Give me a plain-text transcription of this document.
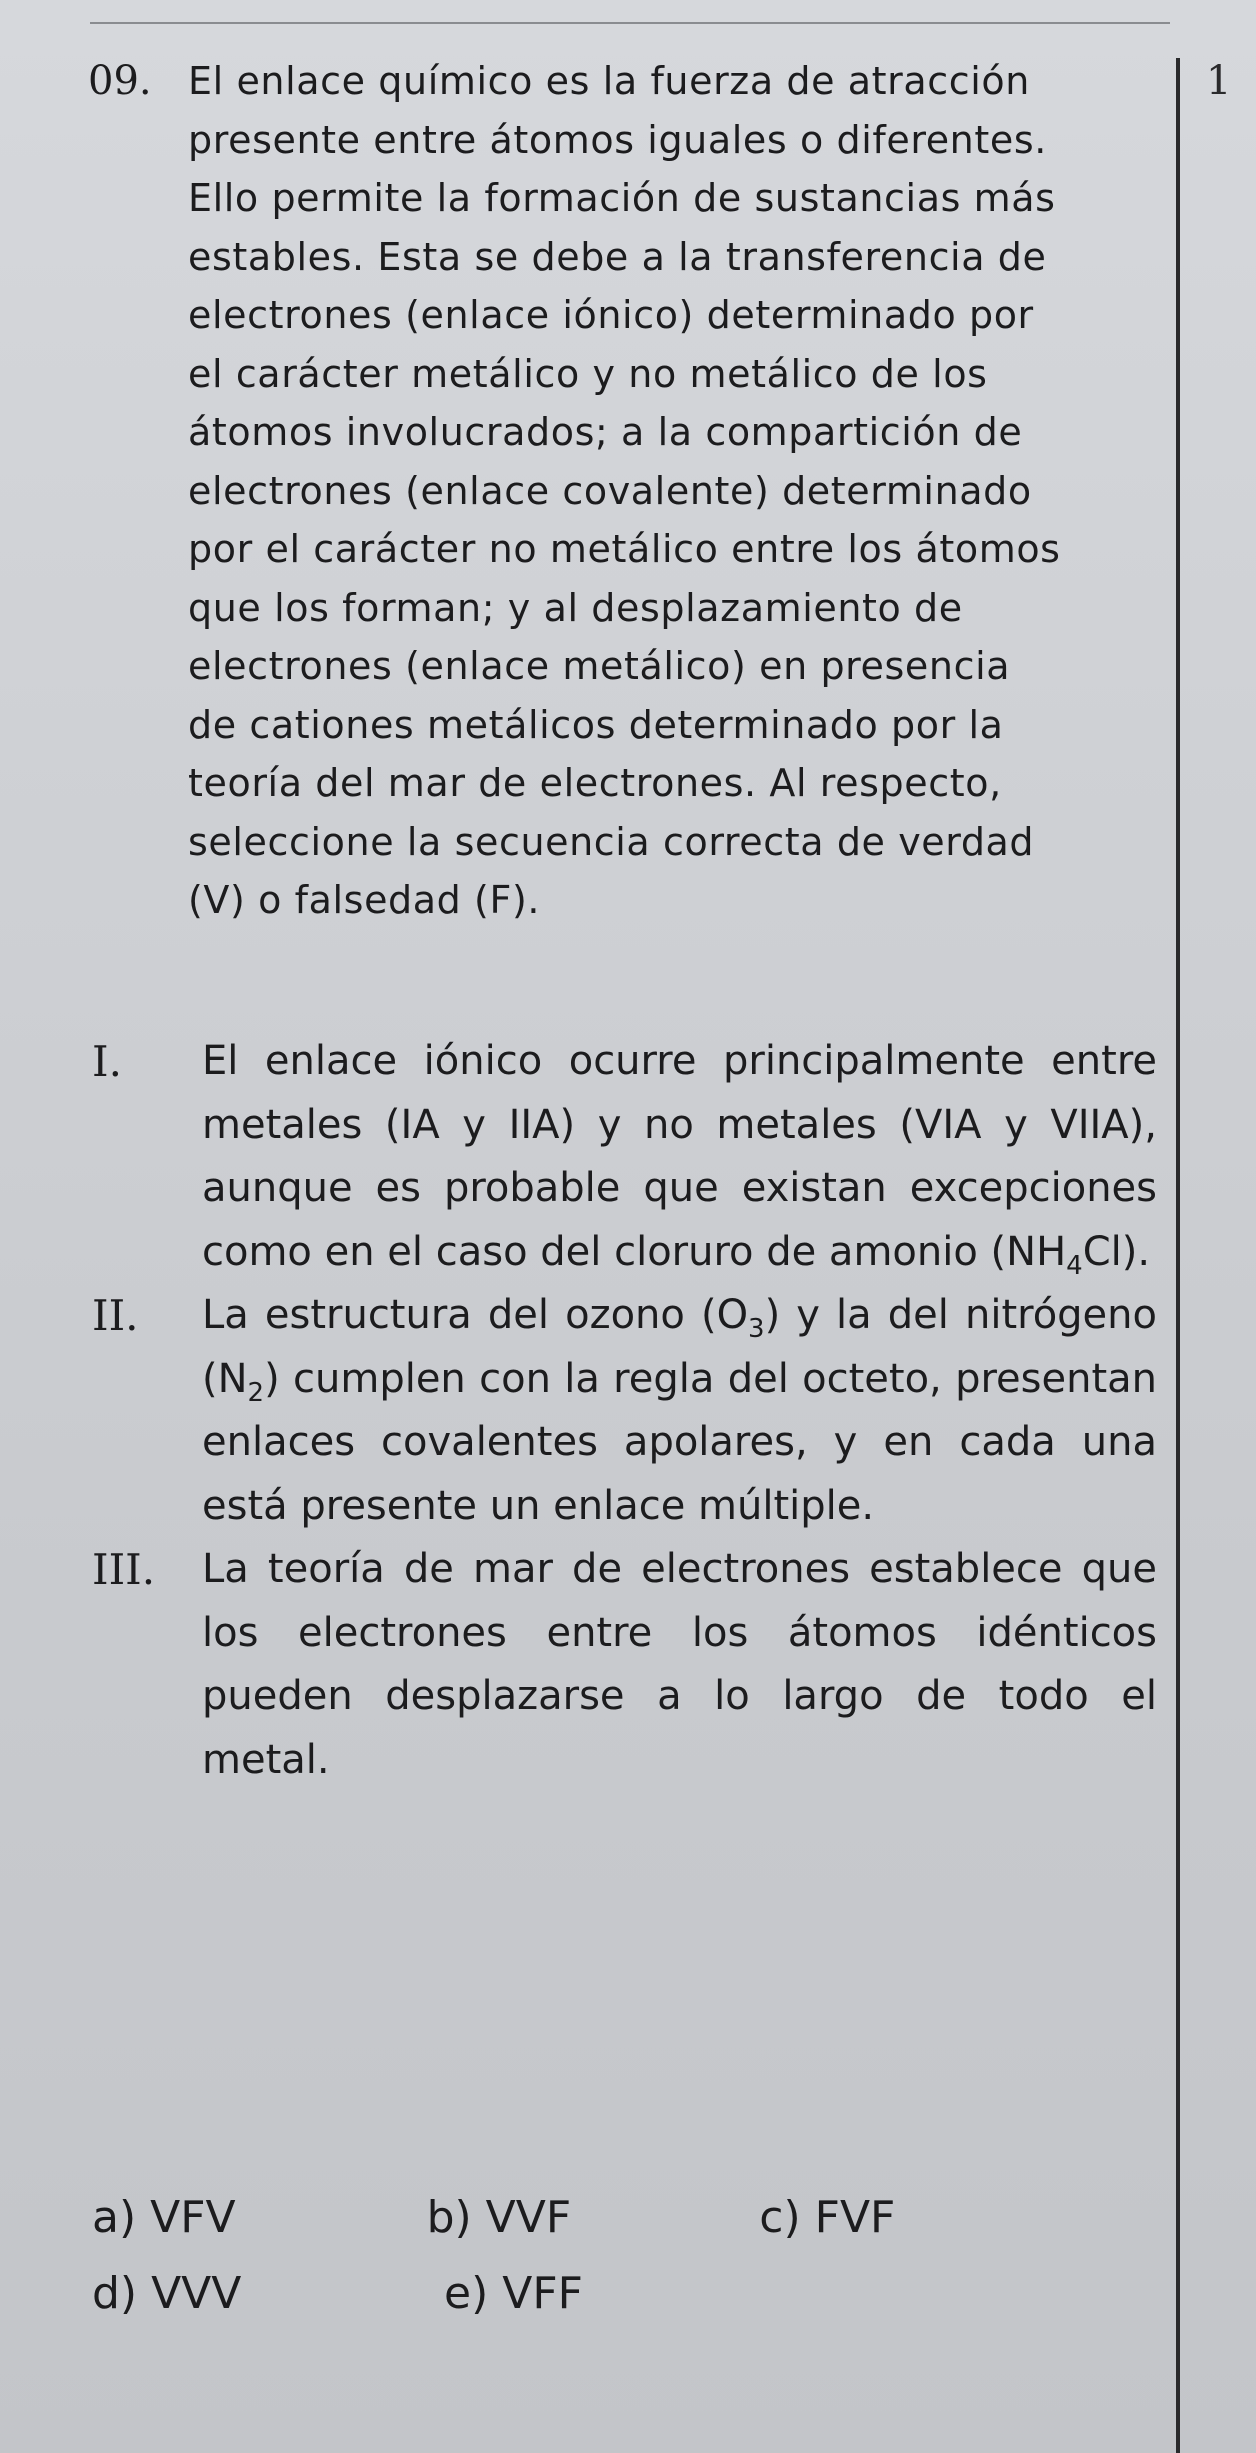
1
09. El enlace químico es la fuerza de atracción
presente entre átomos iguales o diferentes.
Ello permite la formación de sustancias más
estables. Esta se debe a la transferencia de
electrones (enlace iónico) determinado por
el carácter metálico y no metálico de los
átomos involucrados; a la compartición de
electrones (enlace covalente) determinado
por el carácter no metálico entre los átomos
que los forman; y al desplazamiento de
electrones (enlace metálico) en presencia
de cationes metálicos determinado por la
teoría del mar de electrones. Al respecto,
seleccione la secuencia correcta de verdad
(V) o falsedad (F).
I.	El enlace iónico ocurre principalmente entre metales (IA y IIA) y no metales (VIA y VIIA), aunque es probable que existan excepciones como en el caso del cloruro de amonio $(NH_4Cl)$.
II.	La estructura del ozono $(O_3)$ y la del nitrógeno $(N_2)$ cumplen con la regla del octeto, presentan enlaces covalentes apolares, y en cada una está presente un enlace múltiple.
III.	La teoría de mar de electrones establece que los electrones entre los átomos idénticos pueden desplazarse a lo largo de todo el metal.
a) VFV	b) VVF	c) FVF
d) VVV	e) VFF
